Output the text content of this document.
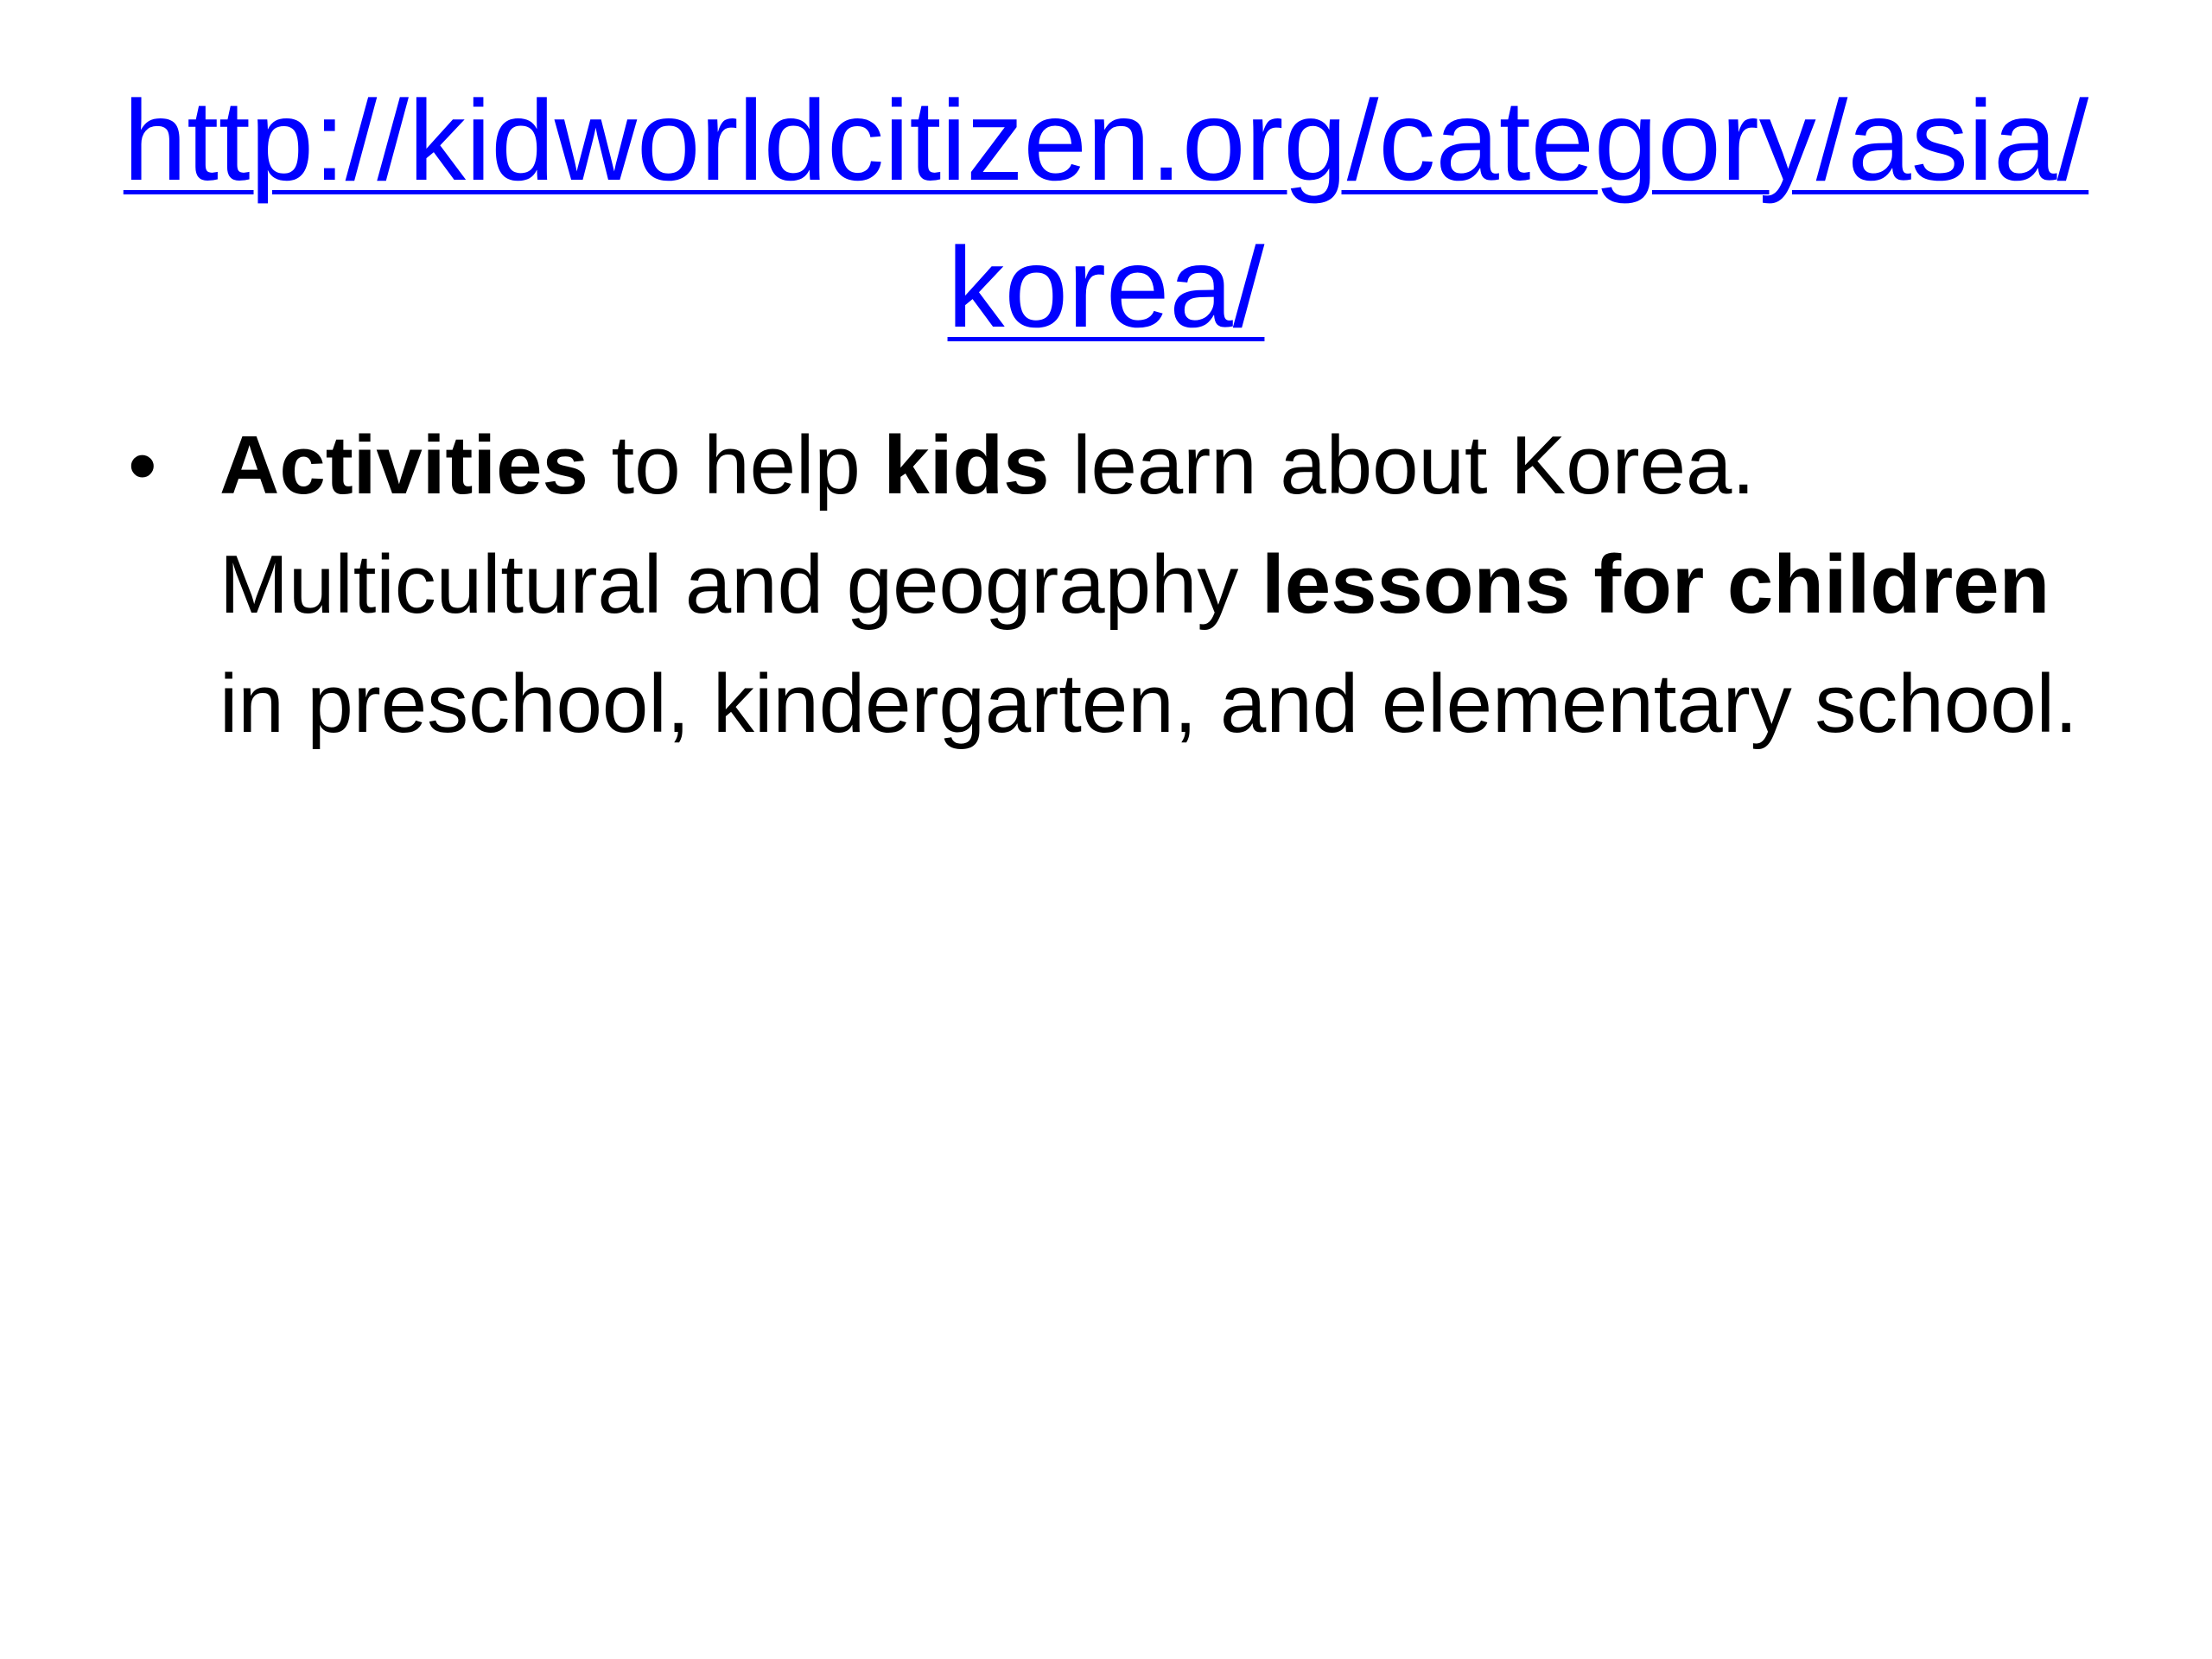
http://kidworldcitizen.org/category/asia/korea/
• Activities to help kids learn about Korea. Multicultural and geography lessons for children in preschool, kindergarten, and elementary school.
